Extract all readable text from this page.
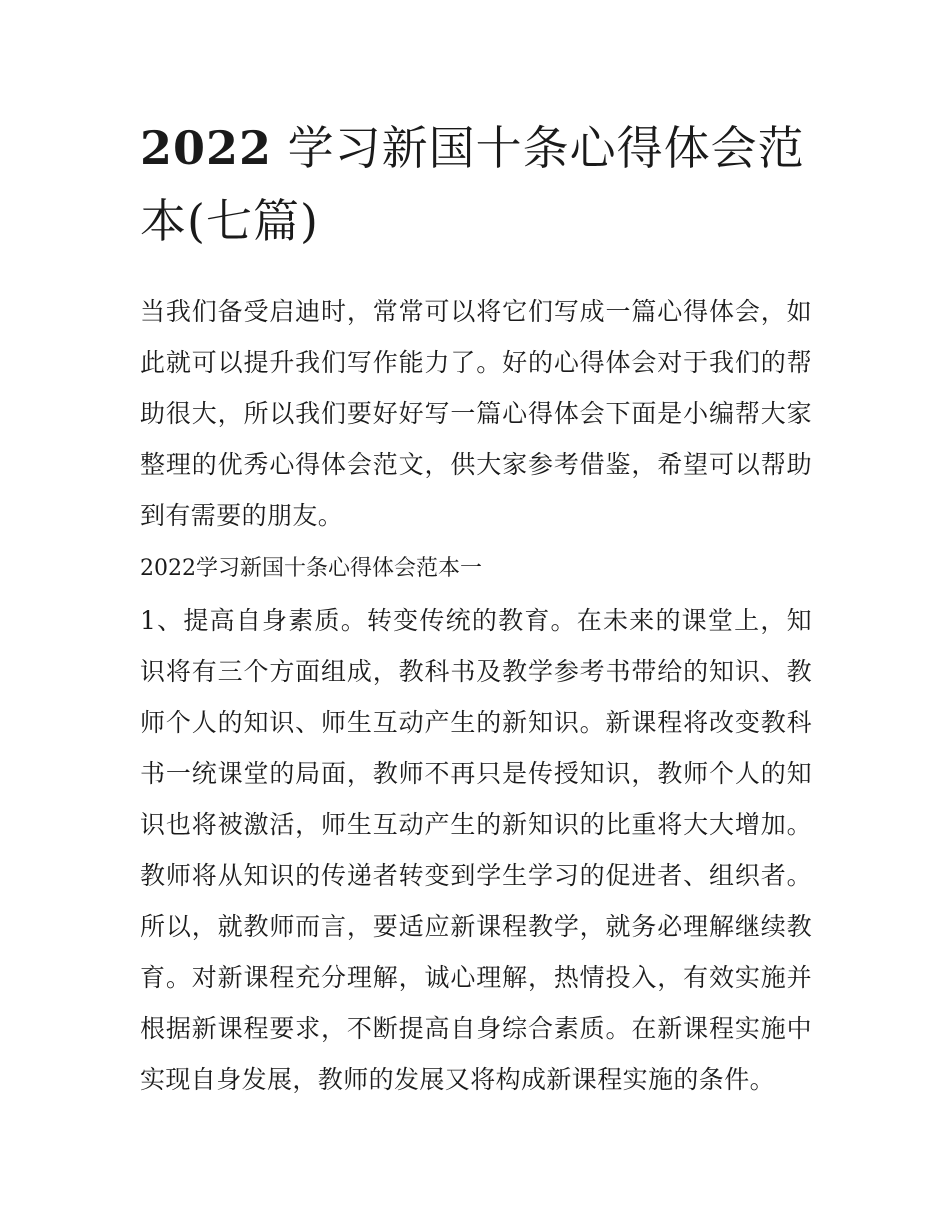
2022 学习新国十条心得体会范本(七篇)

当我们备受启迪时，常常可以将它们写成一篇心得体会，如此就可以提升我们写作能力了。好的心得体会对于我们的帮助很大，所以我们要好好写一篇心得体会下面是小编帮大家整理的优秀心得体会范文，供大家参考借鉴，希望可以帮助到有需要的朋友。

2022学习新国十条心得体会范本一

1、提高自身素质。转变传统的教育。在未来的课堂上，知识将有三个方面组成，教科书及教学参考书带给的知识、教师个人的知识、师生互动产生的新知识。新课程将改变教科书一统课堂的局面，教师不再只是传授知识，教师个人的知识也将被激活，师生互动产生的新知识的比重将大大增加。教师将从知识的传递者转变到学生学习的促进者、组织者。所以，就教师而言，要适应新课程教学，就务必理解继续教育。对新课程充分理解，诚心理解，热情投入，有效实施并根据新课程要求，不断提高自身综合素质。在新课程实施中实现自身发展，教师的发展又将构成新课程实施的条件。
